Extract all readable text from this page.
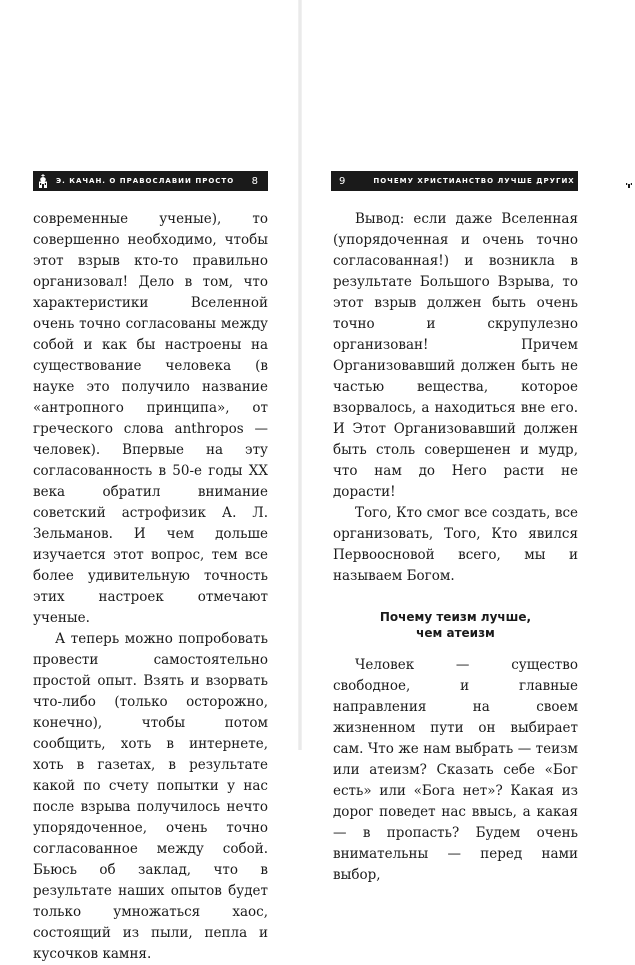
Э. КАЧАН. О ПРАВОСЛАВИИ ПРОСТО	8

современные ученые), то совершенно необходимо, чтобы этот взрыв кто-то правильно организовал! Дело в том, что характеристики Вселенной очень точно согласованы между собой и как бы настроены на существование человека (в науке это получило название «антропного принципа», от греческого слова anthropos — человек). Впервые на эту согласованность в 50-е годы XX века обратил внимание советский астрофизик А. Л. Зельманов. И чем дольше изучается этот вопрос, тем все более удивительную точность этих настроек отмечают ученые.

А теперь можно попробовать провести самостоятельно простой опыт. Взять и взорвать что-либо (только осторожно, конечно), чтобы потом сообщить, хоть в интернете, хоть в газетах, в результате какой по счету попытки у нас после взрыва получилось нечто упорядоченное, очень точно согласованное между собой. Бьюсь об заклад, что в результате наших опытов будет только умножаться хаос, состоящий из пыли, пепла и кусочков камня.

9	ПОЧЕМУ ХРИСТИАНСТВО ЛУЧШЕ ДРУГИХ РЕЛИГИЙ

Вывод: если даже Вселенная (упорядоченная и очень точно согласованная!) и возникла в результате Большого Взрыва, то этот взрыв должен быть очень точно и скрупулезно организован! Причем Организовавший должен быть не частью вещества, которое взорвалось, а находиться вне его. И Этот Организовавший должен быть столь совершенен и мудр, что нам до Него расти не дорасти!

Того, Кто смог все создать, все организовать, Того, Кто явился Первоосновой всего, мы и называем Богом.

Почему теизм лучше,
чем атеизм

Человек — существо свободное, и главные направления на своем жизненном пути он выбирает сам. Что же нам выбрать — теизм или атеизм? Сказать себе «Бог есть» или «Бога нет»? Какая из дорог поведет нас ввысь, а какая — в пропасть? Будем очень внимательны — перед нами выбор,
